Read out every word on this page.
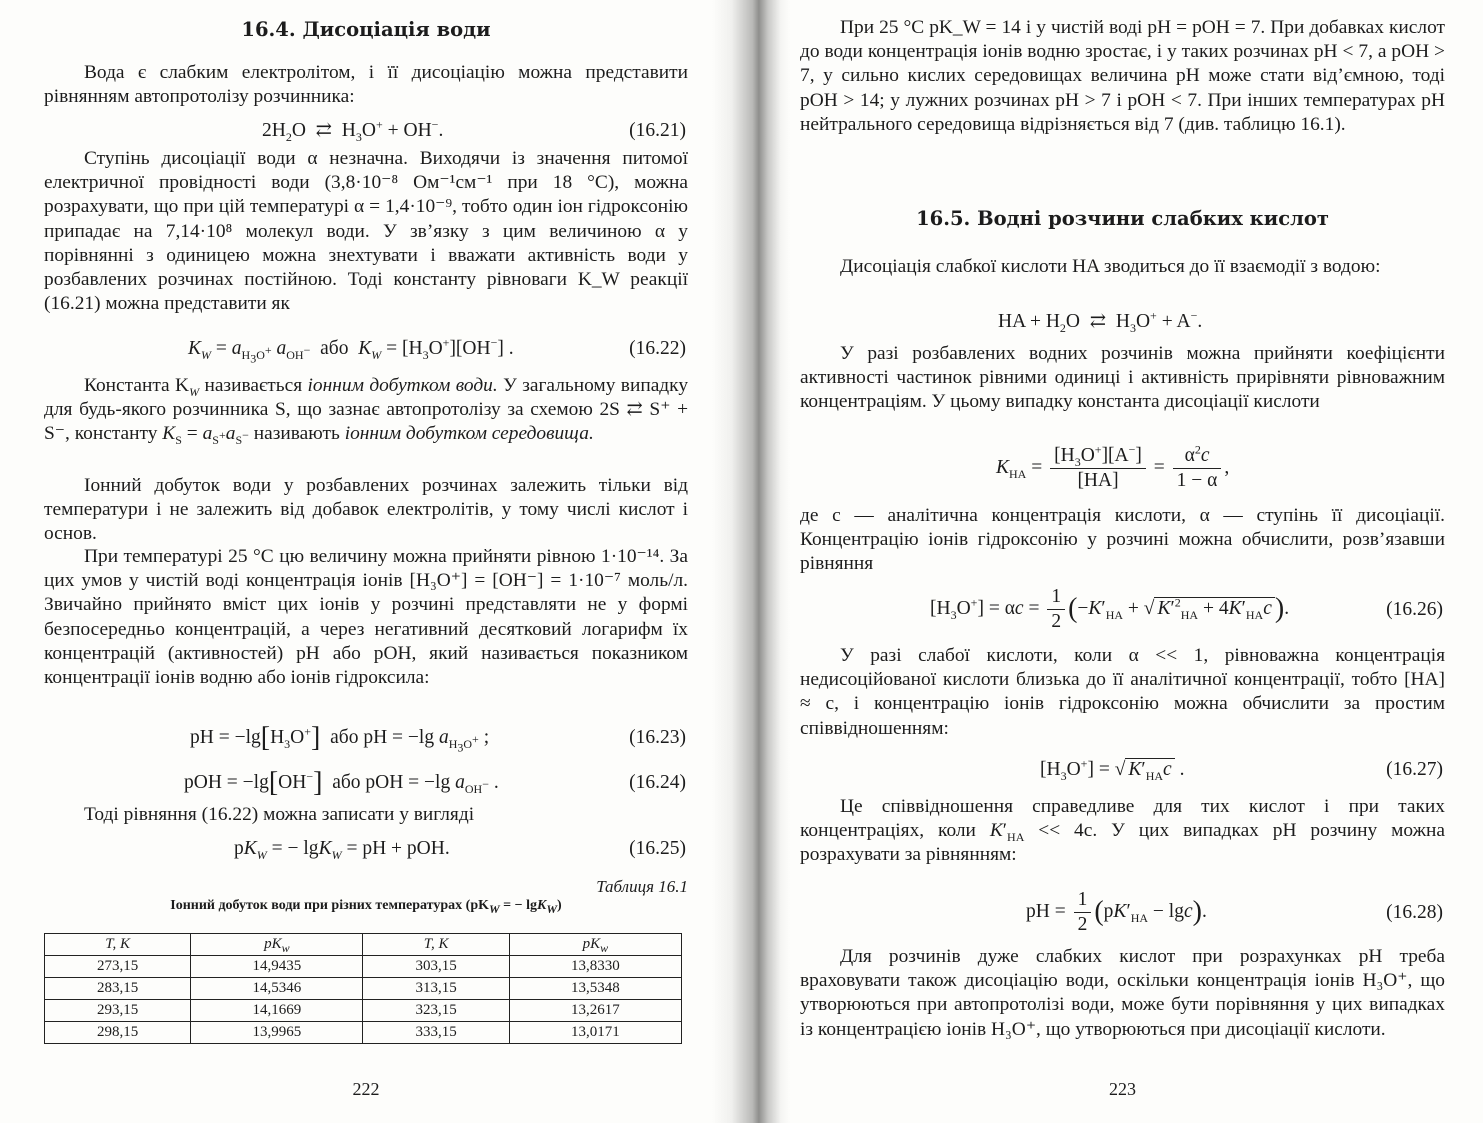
16.4. Дисоціація води
Вода є слабким електролітом, і її дисоціацію можна представити рівнянням автопротолізу розчинника:
$2H_2O$  ⇄  $H_3O^+ + OH^-$.	(16.21)
Ступінь дисоціації води α незначна. Виходячи із значення питомої електричної провідності води (3,8·10⁻⁸ Ом⁻¹см⁻¹ при 18 °С), можна розрахувати, що при цій температурі α = 1,4·10⁻⁹, тобто один іон гідроксонію припадає на 7,14·10⁸ молекул води. У зв’язку з цим величиною α у порівнянні з одиницею можна знехтувати і вважати активність води у розбавлених розчинах постійною. Тоді константу рівноваги K_W реакції (16.21) можна представити як
$K_W = a_{H_3O^+}$ $a_{OH^-}$ або $K_W = [H_3O^+][OH^-]$ .	(16.22)
Константа $K_W$ називається іонним добутком води. У загальному випадку для будь-якого розчинника S, що зазнає автопротолізу за схемою 2S ⇄ S⁺ + S⁻, константу $K_S = a_{S^+}a_{S^-}$ називають іонним добутком середовища.
Іонний добуток води у розбавлених розчинах залежить тільки від температури і не залежить від добавок електролітів, у тому числі кислот і основ.
При температурі 25 °С цю величину можна прийняти рівною 1·10⁻¹⁴. За цих умов у чистій воді концентрація іонів [H₃O⁺] = [OH⁻] = 1·10⁻⁷ моль/л. Звичайно прийнято вміст цих іонів у розчині представляти не у формі безпосередньо концентрацій, а через негативний десятковий логарифм їх концентрацій (активностей) pH або pOH, який називається показником концентрації іонів водню або іонів гідроксила:
pH = $-\lg[H_3O^+]$  або pH = −lg $a_{H_3O^+}$ ;	(16.23)
pOH = −lg[OH−]  або pOH = −lg $a_{OH^-}$ .	(16.24)
Тоді рівняння (16.22) можна записати у вигляді
$pK_W$ = − lgK$_W$ = pH + pOH.	(16.25)
Таблиця 16.1
Іонний добуток води при різних температурах ($pK_W$ = − lgK$_W$)
T, K	$pK_w$	T, K	$pK_w$
273,15	14,9435	303,15	13,8330
283,15	14,5346	313,15	13,5348
293,15	14,1669	323,15	13,2617
298,15	13,9965	333,15	13,0171
222
При 25 °С pK_W = 14 і у чистій воді pH = pOH = 7. При добавках кислот до води концентрація іонів водню зростає, і у таких розчинах pH < 7, а pOH > 7, у сильно кислих середовищах величина pH може стати від’ємною, тоді pOH > 14; у лужних розчинах pH > 7 і pOH < 7. При інших температурах pH нейтрального середовища відрізняється від 7 (див. таблицю 16.1).
16.5. Водні розчини слабких кислот
Дисоціація слабкої кислоти HA зводиться до її взаємодії з водою:
HA + $H_2O$  ⇄  $H_3O^+ + A^-$.
У разі розбавлених водних розчинів можна прийняти коефіцієнти активності частинок рівними одиниці і активність прирівняти рівноважним концентраціям. У цьому випадку константа дисоціації кислоти
$K_{HA} = \frac{[H_3O^+][A^-]}{[HA]} = \frac{\alpha^2c}{1 - \alpha}$ ,
де c — аналітична концентрація кислоти, α — ступінь її дисоціації. Концентрацію іонів гідроксонію у розчині можна обчислити, розв’язавши рівняння
$[H_3O^+] = \alpha c = \frac{1}{2} (-K'_{HA}$ + √ $K'^2_{HA} + 4K'_{HA}c$ ).	(16.26)
У разі слабої кислоти, коли α << 1, рівноважна концентрація недисоційованої кислоти близька до її аналітичної концентрації, тобто [HA] ≈ c, і концентрацію іонів гідроксонію можна обчислити за простим співвідношенням:
$[H_3O^+]$ = √ $K'_{HA}c$ .	(16.27)
Це співвідношення справедливе для тих кислот і при таких концентраціях, коли $K'_{HA} << 4c$. У цих випадках pH розчину можна розрахувати за рівнянням:
pH = $\frac{1}{2} (pK'_{HA} - \lg c)$.	(16.28)
Для розчинів дуже слабких кислот при розрахунках pH треба враховувати також дисоціацію води, оскільки концентрація іонів H₃O⁺, що утворюються при автопротолізі води, може бути порівняння у цих випадках із концентрацією іонів H₃O⁺, що утворюються при дисоціації кислоти.
223
